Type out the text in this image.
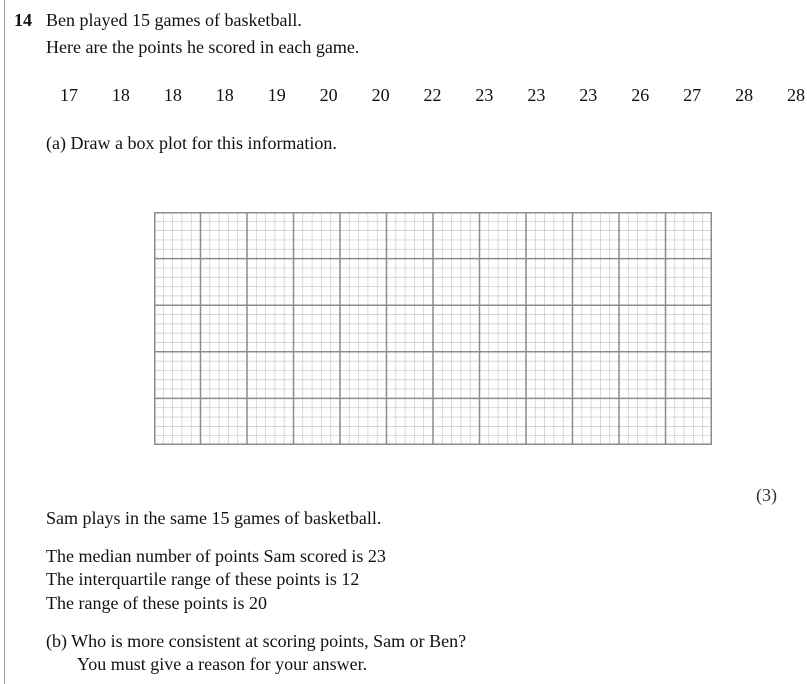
14 Ben played 15 games of basketball.
Here are the points he scored in each game.
17 18 18 18 19 20 20 22 23 23 23 26 27 28 28
(a) Draw a box plot for this information.
(3)
Sam plays in the same 15 games of basketball.
The median number of points Sam scored is 23
The interquartile range of these points is 12
The range of these points is 20
(b) Who is more consistent at scoring points, Sam or Ben?
You must give a reason for your answer.
